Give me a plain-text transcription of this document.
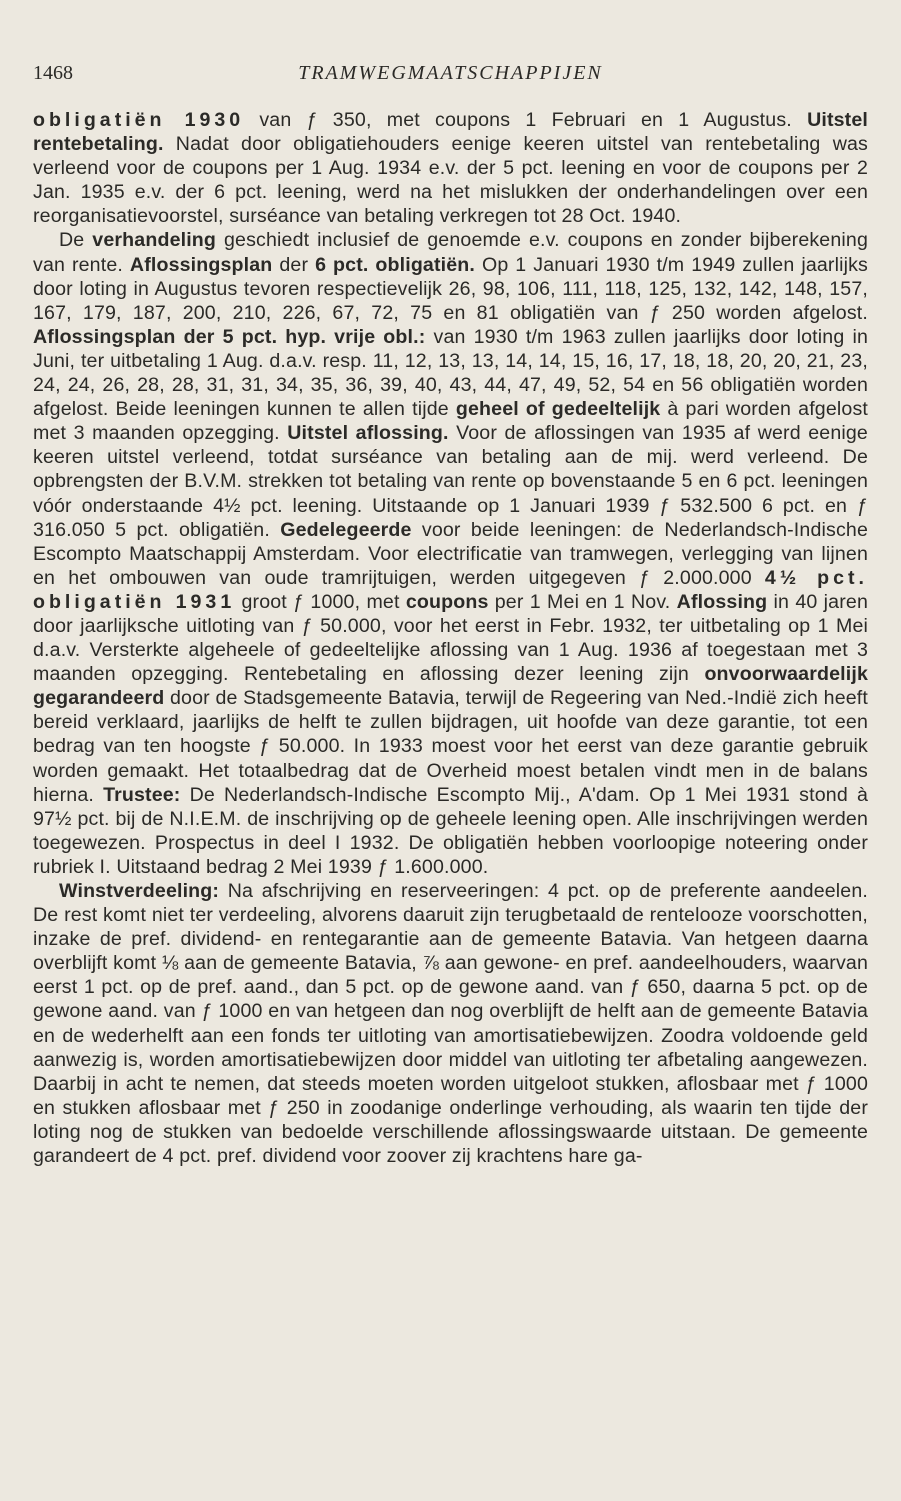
1468	TRAMWEGMAATSCHAPPIJEN

obligatiën 1930 van ƒ 350, met coupons 1 Februari en 1 Augustus. Uitstel rentebetaling. Nadat door obligatiehouders eenige keeren uitstel van rentebetaling was verleend voor de coupons per 1 Aug. 1934 e.v. der 5 pct. leening en voor de coupons per 2 Jan. 1935 e.v. der 6 pct. leening, werd na het mislukken der onderhandelingen over een reorganisatievoorstel, surséance van betaling verkregen tot 28 Oct. 1940.

De verhandeling geschiedt inclusief de genoemde e.v. coupons en zonder bijberekening van rente. Aflossingsplan der 6 pct. obligatiën. Op 1 Januari 1930 t/m 1949 zullen jaarlijks door loting in Augustus tevoren respectievelijk 26, 98, 106, 111, 118, 125, 132, 142, 148, 157, 167, 179, 187, 200, 210, 226, 67, 72, 75 en 81 obligatiën van ƒ 250 worden afgelost. Aflossingsplan der 5 pct. hyp. vrije obl.: van 1930 t/m 1963 zullen jaarlijks door loting in Juni, ter uitbetaling 1 Aug. d.a.v. resp. 11, 12, 13, 13, 14, 14, 15, 16, 17, 18, 18, 20, 20, 21, 23, 24, 24, 26, 28, 28, 31, 31, 34, 35, 36, 39, 40, 43, 44, 47, 49, 52, 54 en 56 obligatiën worden afgelost. Beide leeningen kunnen te allen tijde geheel of gedeeltelijk à pari worden afgelost met 3 maanden opzegging. Uitstel aflossing. Voor de aflossingen van 1935 af werd eenige keeren uitstel verleend, totdat surséance van betaling aan de mij. werd verleend. De opbrengsten der B.V.M. strekken tot betaling van rente op bovenstaande 5 en 6 pct. leeningen vóór onderstaande 4½ pct. leening. Uitstaande op 1 Januari 1939 ƒ 532.500 6 pct. en ƒ 316.050 5 pct. obligatiën. Gedelegeerde voor beide leeningen: de Nederlandsch-Indische Escompto Maatschappij Amsterdam. Voor electrificatie van tramwegen, verlegging van lijnen en het ombouwen van oude tramrijtuigen, werden uitgegeven ƒ 2.000.000 4½ pct. obligatiën 1931 groot ƒ 1000, met coupons per 1 Mei en 1 Nov. Aflossing in 40 jaren door jaarlijksche uitloting van ƒ 50.000, voor het eerst in Febr. 1932, ter uitbetaling op 1 Mei d.a.v. Versterkte algeheele of gedeeltelijke aflossing van 1 Aug. 1936 af toegestaan met 3 maanden opzegging. Rentebetaling en aflossing dezer leening zijn onvoorwaardelijk gegarandeerd door de Stadsgemeente Batavia, terwijl de Regeering van Ned.-Indië zich heeft bereid verklaard, jaarlijks de helft te zullen bijdragen, uit hoofde van deze garantie, tot een bedrag van ten hoogste ƒ 50.000. In 1933 moest voor het eerst van deze garantie gebruik worden gemaakt. Het totaalbedrag dat de Overheid moest betalen vindt men in de balans hierna. Trustee: De Nederlandsch-Indische Escompto Mij., A'dam. Op 1 Mei 1931 stond à 97½ pct. bij de N.I.E.M. de inschrijving op de geheele leening open. Alle inschrijvingen werden toegewezen. Prospectus in deel I 1932. De obligatiën hebben voorloopige noteering onder rubriek I. Uitstaand bedrag 2 Mei 1939 ƒ 1.600.000.

Winstverdeeling: Na afschrijving en reserveeringen: 4 pct. op de preferente aandeelen. De rest komt niet ter verdeeling, alvorens daaruit zijn terugbetaald de rentelooze voorschotten, inzake de pref. dividend- en rentegarantie aan de gemeente Batavia. Van hetgeen daarna overblijft komt ⅛ aan de gemeente Batavia, ⅞ aan gewone- en pref. aandeelhouders, waarvan eerst 1 pct. op de pref. aand., dan 5 pct. op de gewone aand. van ƒ 650, daarna 5 pct. op de gewone aand. van ƒ 1000 en van hetgeen dan nog overblijft de helft aan de gemeente Batavia en de wederhelft aan een fonds ter uitloting van amortisatiebewijzen. Zoodra voldoende geld aanwezig is, worden amortisatiebewijzen door middel van uitloting ter afbetaling aangewezen. Daarbij in acht te nemen, dat steeds moeten worden uitgeloot stukken, aflosbaar met ƒ 1000 en stukken aflosbaar met ƒ 250 in zoodanige onderlinge verhouding, als waarin ten tijde der loting nog de stukken van bedoelde verschillende aflossingswaarde uitstaan. De gemeente garandeert de 4 pct. pref. dividend voor zoover zij krachtens hare ga-
